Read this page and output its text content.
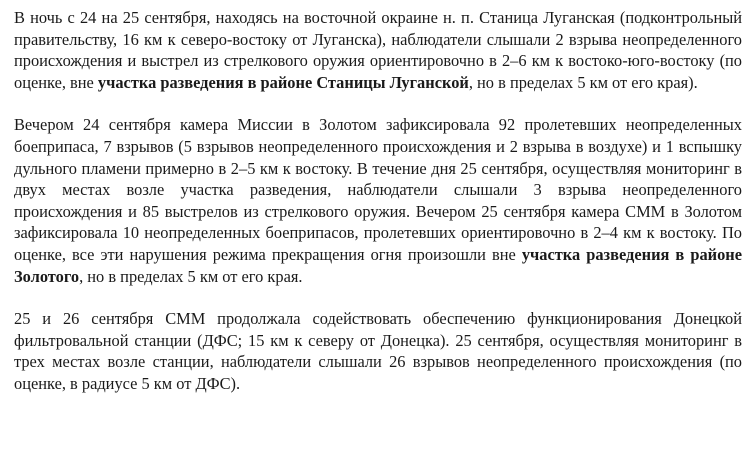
В ночь с 24 на 25 сентября, находясь на восточной окраине н. п. Станица Луганская (подконтрольный правительству, 16 км к северо-востоку от Луганска), наблюдатели слышали 2 взрыва неопределенного происхождения и выстрел из стрелкового оружия ориентировочно в 2–6 км к востоко-юго-востоку (по оценке, вне участка разведения в районе Станицы Луганской, но в пределах 5 км от его края).

Вечером 24 сентября камера Миссии в Золотом зафиксировала 92 пролетевших неопределенных боеприпаса, 7 взрывов (5 взрывов неопределенного происхождения и 2 взрыва в воздухе) и 1 вспышку дульного пламени примерно в 2–5 км к востоку. В течение дня 25 сентября, осуществляя мониторинг в двух местах возле участка разведения, наблюдатели слышали 3 взрыва неопределенного происхождения и 85 выстрелов из стрелкового оружия. Вечером 25 сентября камера СММ в Золотом зафиксировала 10 неопределенных боеприпасов, пролетевших ориентировочно в 2–4 км к востоку. По оценке, все эти нарушения режима прекращения огня произошли вне участка разведения в районе Золотого, но в пределах 5 км от его края.

25 и 26 сентября СММ продолжала содействовать обеспечению функционирования Донецкой фильтровальной станции (ДФС; 15 км к северу от Донецка). 25 сентября, осуществляя мониторинг в трех местах возле станции, наблюдатели слышали 26 взрывов неопределенного происхождения (по оценке, в радиусе 5 км от ДФС).
